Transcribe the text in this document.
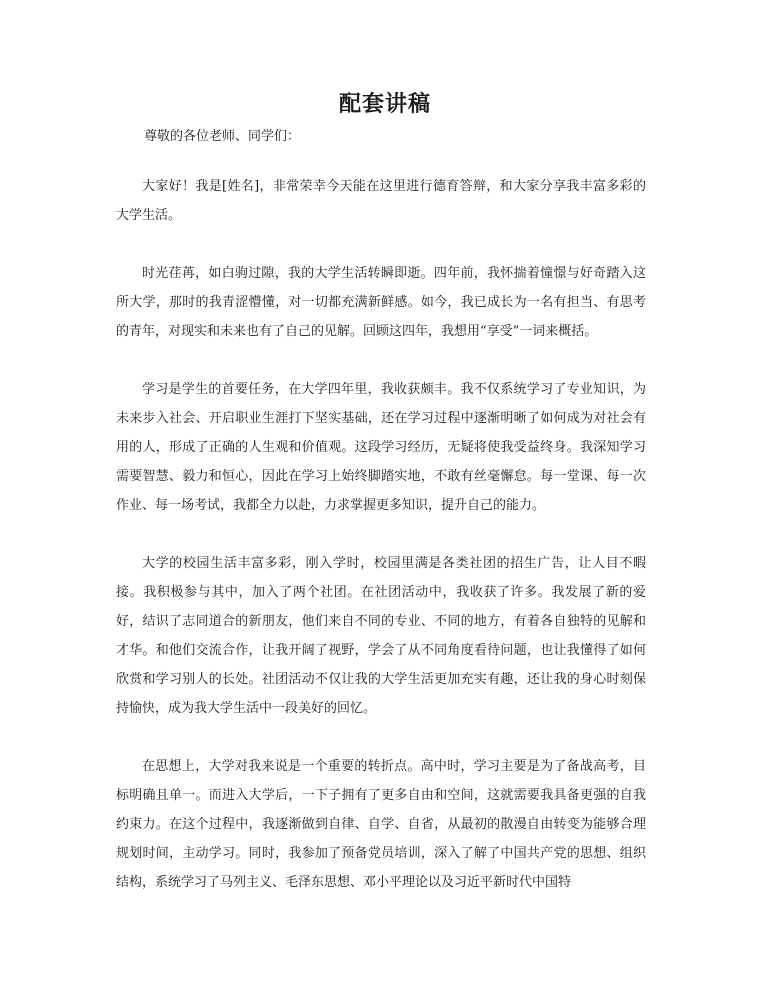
配套讲稿
尊敬的各位老师、同学们：

大家好！我是[姓名]，非常荣幸今天能在这里进行德育答辩，和大家分享我丰富多彩的大学生活。

时光荏苒，如白驹过隙，我的大学生活转瞬即逝。四年前，我怀揣着憧憬与好奇踏入这所大学，那时的我青涩懵懂，对一切都充满新鲜感。如今，我已成长为一名有担当、有思考的青年，对现实和未来也有了自己的见解。回顾这四年，我想用“享受”一词来概括。

学习是学生的首要任务，在大学四年里，我收获颇丰。我不仅系统学习了专业知识，为未来步入社会、开启职业生涯打下坚实基础，还在学习过程中逐渐明晰了如何成为对社会有用的人，形成了正确的人生观和价值观。这段学习经历，无疑将使我受益终身。我深知学习需要智慧、毅力和恒心，因此在学习上始终脚踏实地，不敢有丝毫懈怠。每一堂课、每一次作业、每一场考试，我都全力以赴，力求掌握更多知识，提升自己的能力。

大学的校园生活丰富多彩，刚入学时，校园里满是各类社团的招生广告，让人目不暇接。我积极参与其中，加入了两个社团。在社团活动中，我收获了许多。我发展了新的爱好，结识了志同道合的新朋友，他们来自不同的专业、不同的地方，有着各自独特的见解和才华。和他们交流合作，让我开阔了视野，学会了从不同角度看待问题，也让我懂得了如何欣赏和学习别人的长处。社团活动不仅让我的大学生活更加充实有趣，还让我的身心时刻保持愉快，成为我大学生活中一段美好的回忆。

在思想上，大学对我来说是一个重要的转折点。高中时，学习主要是为了备战高考，目标明确且单一。而进入大学后，一下子拥有了更多自由和空间，这就需要我具备更强的自我约束力。在这个过程中，我逐渐做到自律、自学、自省，从最初的散漫自由转变为能够合理规划时间，主动学习。同时，我参加了预备党员培训，深入了解了中国共产党的思想、组织结构，系统学习了马列主义、毛泽东思想、邓小平理论以及习近平新时代中国特
